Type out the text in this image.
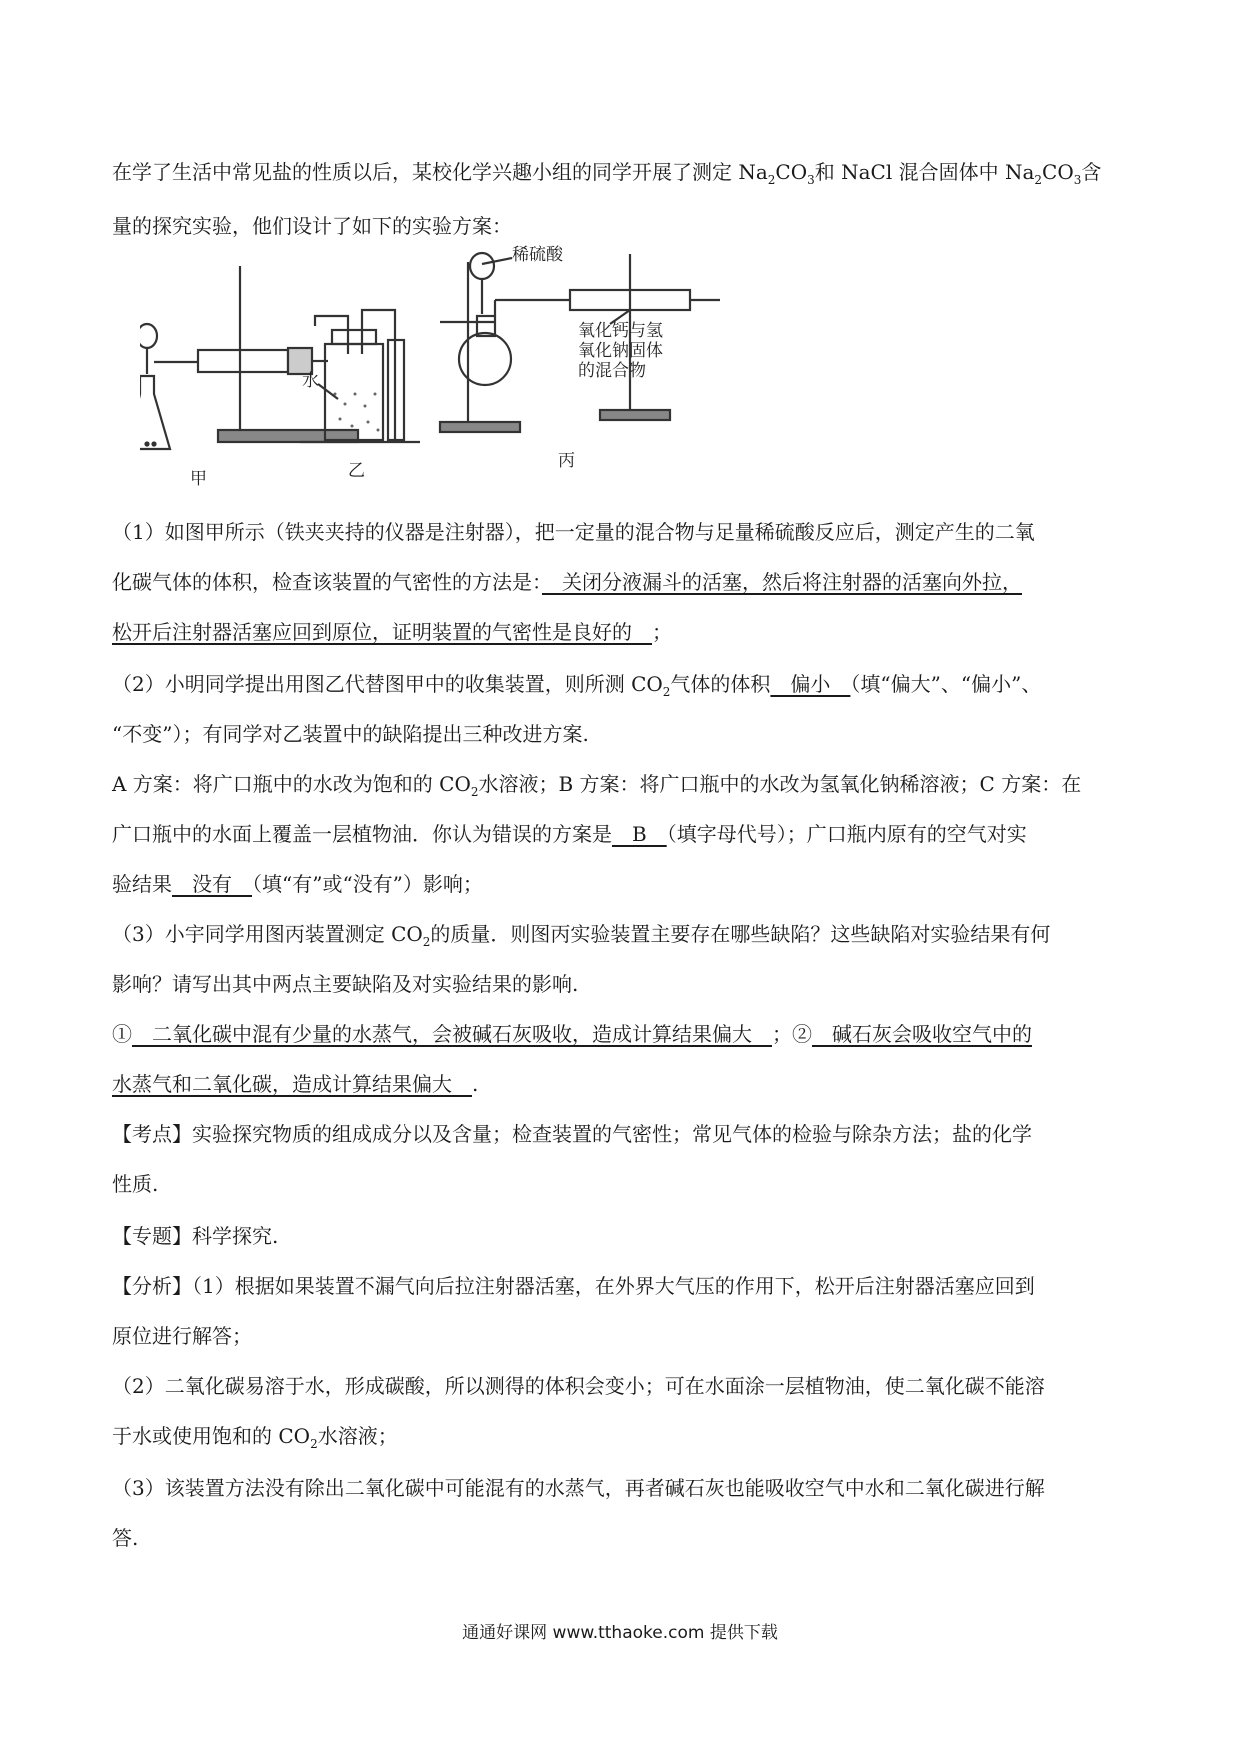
在学了生活中常见盐的性质以后，某校化学兴趣小组的同学开展了测定 $Na_2CO_3$和 NaCl 混合固体中 $Na_2CO_3$含
量的探究实验，他们设计了如下的实验方案：
甲	乙	丙
水
稀硫酸
氧化钙与氢
氧化钠固体
的混合物
（1）如图甲所示（铁夹夹持的仪器是注射器），把一定量的混合物与足量稀硫酸反应后，测定产生的二氧
化碳气体的体积，检查该装置的气密性的方法是：　关闭分液漏斗的活塞，然后将注射器的活塞向外拉，
松开后注射器活塞应回到原位，证明装置的气密性是良好的　；
（2）小明同学提出用图乙代替图甲中的收集装置，则所测 $CO_2$气体的体积　偏小　（填“偏大”、“偏小”、
“不变”）；有同学对乙装置中的缺陷提出三种改进方案.
A 方案：将广口瓶中的水改为饱和的 $CO_2$水溶液；B 方案：将广口瓶中的水改为氢氧化钠稀溶液；C 方案：在
广口瓶中的水面上覆盖一层植物油．你认为错误的方案是　B　（填字母代号）；广口瓶内原有的空气对实
验结果　没有　（填“有”或“没有”）影响；
（3）小宇同学用图丙装置测定 $CO_2$的质量．则图丙实验装置主要存在哪些缺陷？这些缺陷对实验结果有何
影响？请写出其中两点主要缺陷及对实验结果的影响.
①　二氧化碳中混有少量的水蒸气，会被碱石灰吸收，造成计算结果偏大　；②　碱石灰会吸收空气中的
水蒸气和二氧化碳，造成计算结果偏大　.
【考点】实验探究物质的组成成分以及含量；检查装置的气密性；常见气体的检验与除杂方法；盐的化学
性质.
【专题】科学探究.
【分析】（1）根据如果装置不漏气向后拉注射器活塞，在外界大气压的作用下，松开后注射器活塞应回到
原位进行解答；
（2）二氧化碳易溶于水，形成碳酸，所以测得的体积会变小；可在水面涂一层植物油，使二氧化碳不能溶
于水或使用饱和的 $CO_2$水溶液；
（3）该装置方法没有除出二氧化碳中可能混有的水蒸气，再者碱石灰也能吸收空气中水和二氧化碳进行解
答.
通通好课网 www.tthaoke.com 提供下载
